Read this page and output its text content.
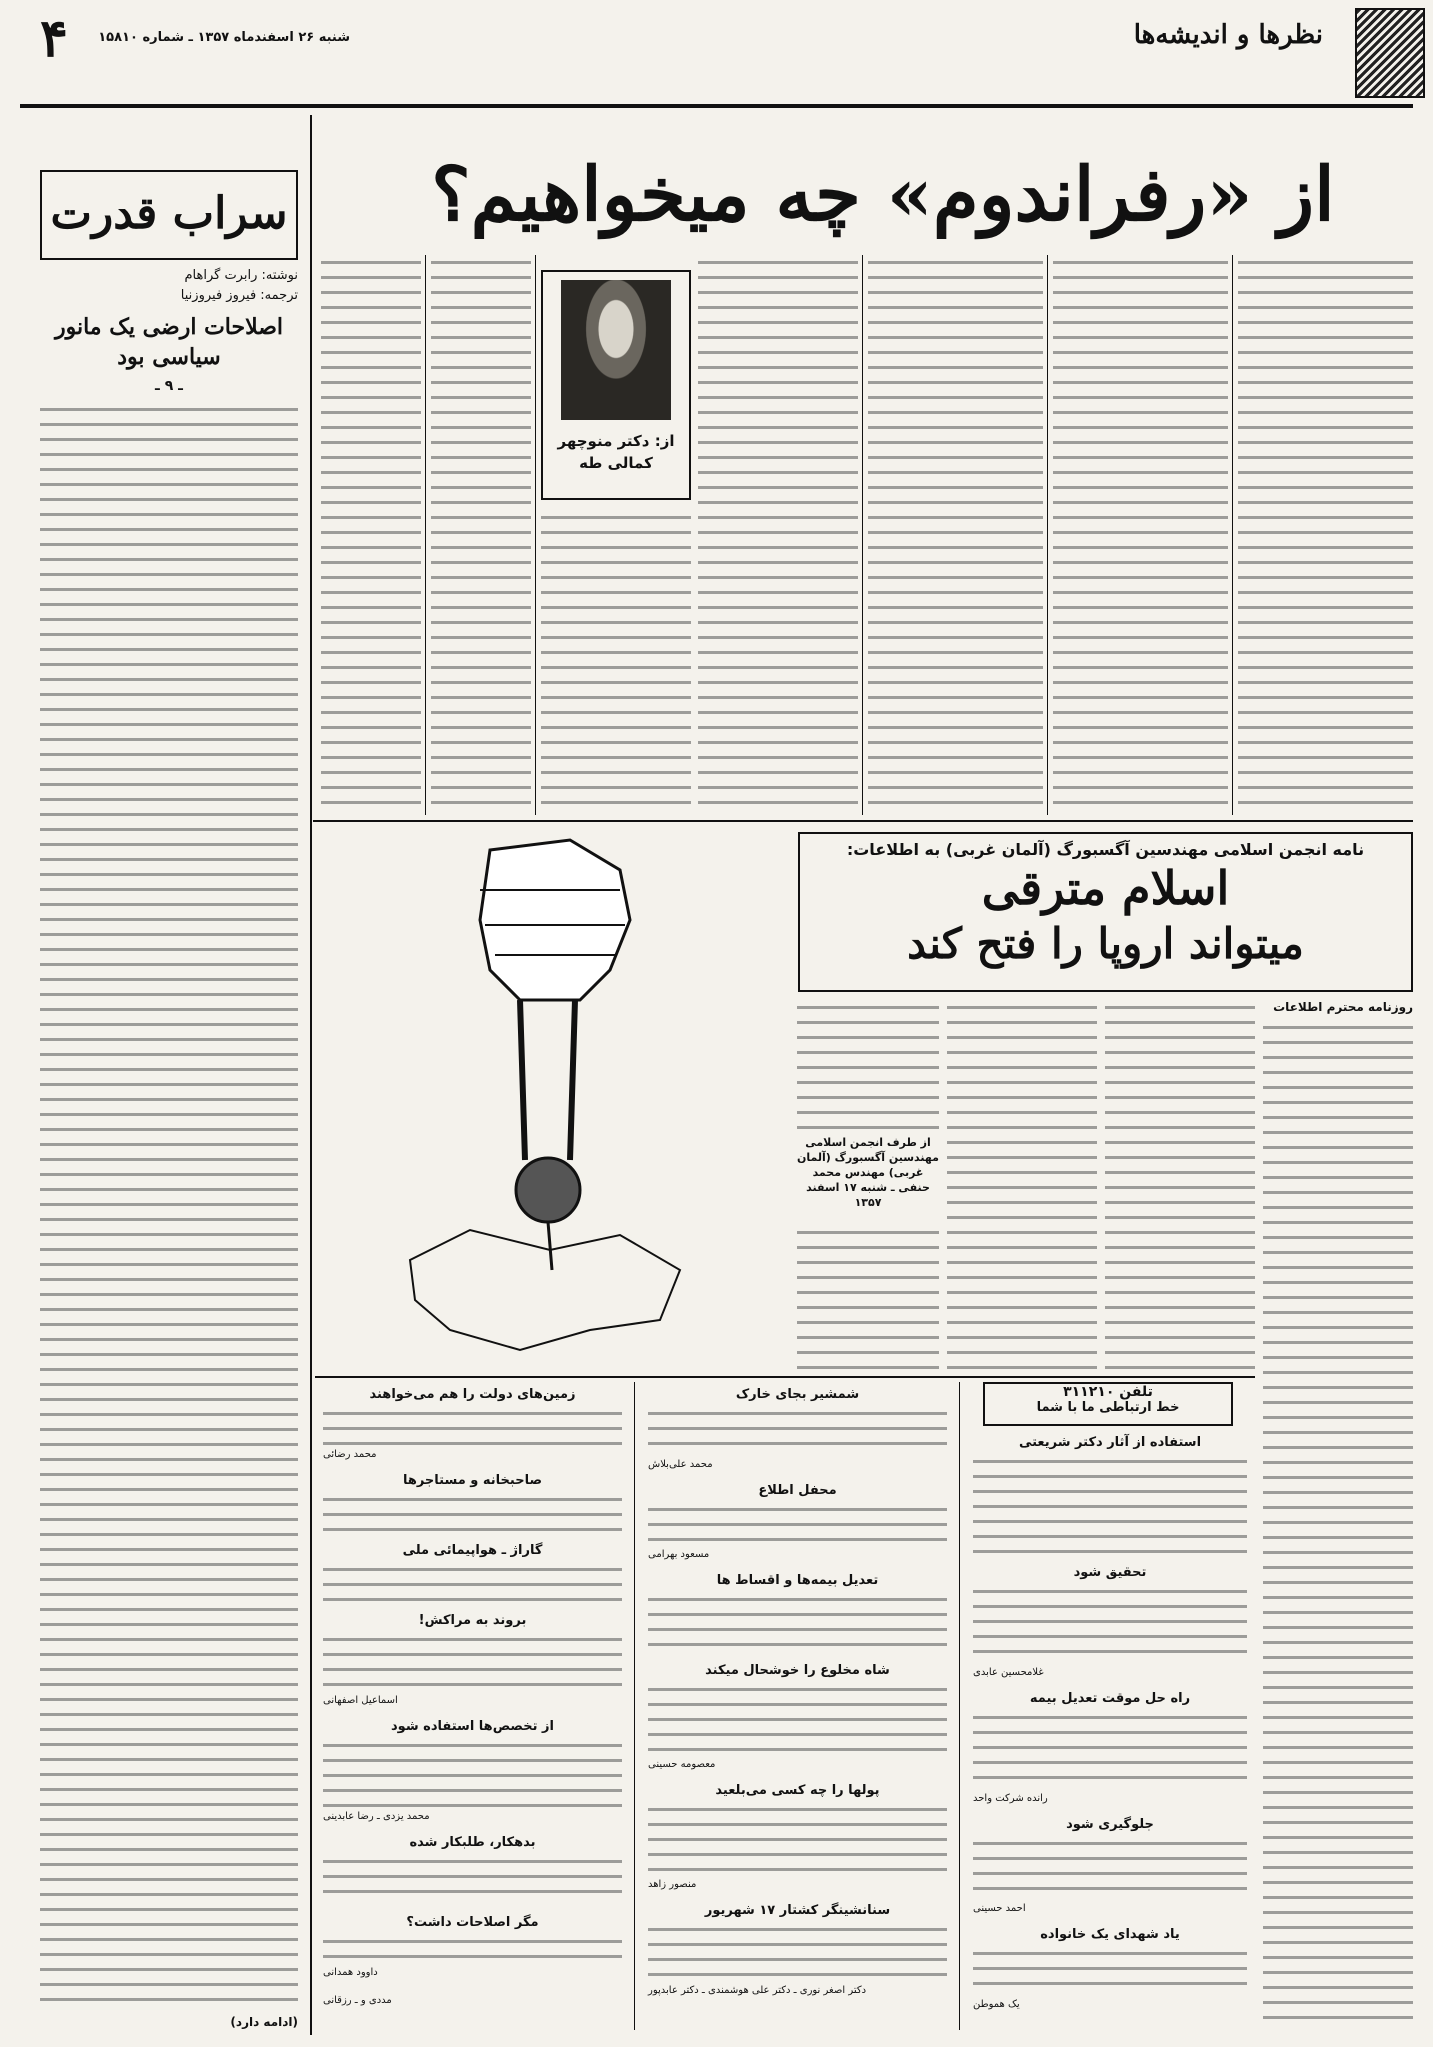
نظرها و اندیشه‌ها
۴	شنبه ۲۶ اسفندماه ۱۳۵۷ ـ شماره ۱۵۸۱۰
از «رفراندوم» چه میخواهیم؟
سراب قدرت
نوشته: رابرت گراهام
ترجمه: فیروز فیروزنیا
اصلاحات ارضی یک مانور سیاسی بود
ـ ۹ ـ
(ادامه دارد)
از: دکتر منوچهر
کمالی طه
نامه انجمن اسلامی مهندسین آگسبورگ (آلمان غربی) به اطلاعات:
اسلام مترقی
میتواند اروپا را فتح کند
روزنامه محترم اطلاعات
از طرف انجمن اسلامی مهندسین آگسبورگ (آلمان غربی) مهندس محمد حنفی ـ شنبه ۱۷ اسفند ۱۳۵۷
استفاده از آثار دکتر شریعتی
تحقیق شود
غلامحسین عابدی
راه حل موقت تعدیل بیمه
رانده شرکت واحد
جلوگیری شود
احمد حسینی
یاد شهدای یک خانواده
یک هموطن
تلفن ۳۱۱۲۱۰
خط ارتباطی ما با شما
شمشیر بجای خارک
محمد علی‌بلاش
محفل اطلاع
مسعود بهرامی
تعدیل بیمه‌ها و اقساط ها
شاه مخلوع را خوشحال میکند
معصومه حسینی
پولها را چه کسی می‌بلعید
منصور زاهد
سنانشینگر کشتار ۱۷ شهریور
دکتر اصغر نوری ـ دکتر علی هوشمندی ـ دکتر عابدپور
زمین‌های دولت را هم می‌خواهند
محمد رضائی
صاحبخانه و مستاجرها
گاراژ ـ هواپیمائی ملی
بروند به مراکش!
اسماعیل اصفهانی
از تخصص‌ها استفاده شود
محمد یزدی ـ رضا عابدینی
بدهکار، طلبکار شده
مگر اصلاحات داشت؟
داوود همدانی
مددی و ـ رزقانی
